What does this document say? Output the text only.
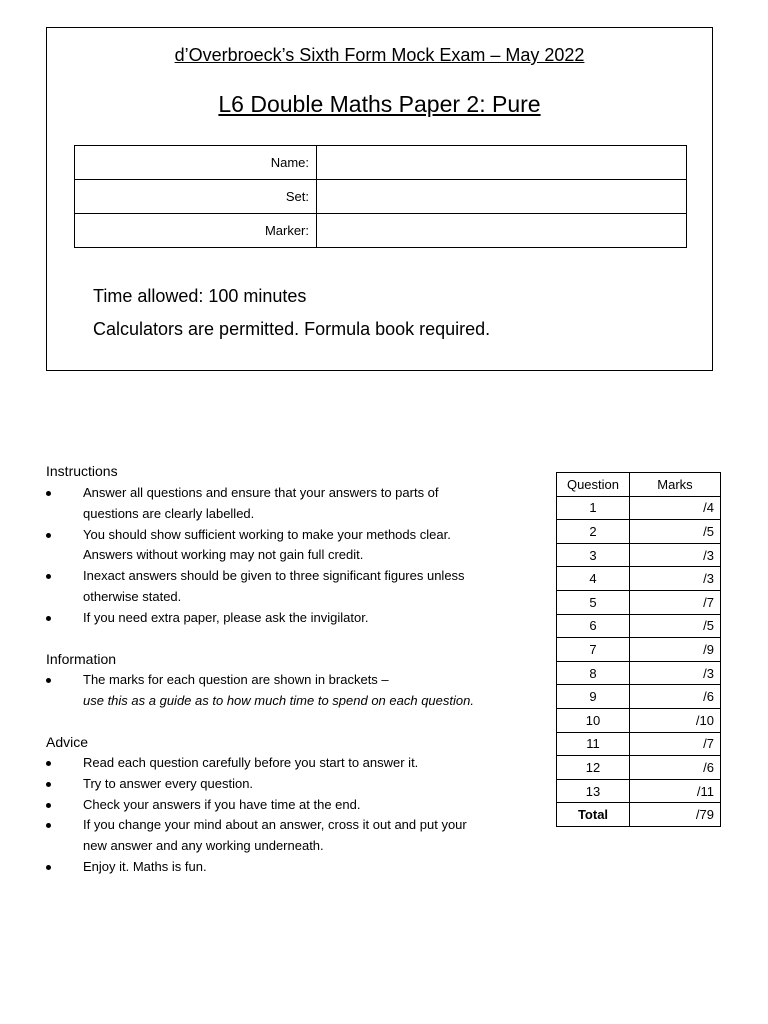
d’Overbroeck’s Sixth Form Mock Exam – May 2022
L6 Double Maths Paper 2: Pure
Name:	
Set:	
Marker:	
Time allowed: 100 minutes
Calculators are permitted. Formula book required.
Instructions
Answer all questions and ensure that your answers to parts of
questions are clearly labelled.
You should show sufficient working to make your methods clear.
Answers without working may not gain full credit.
Inexact answers should be given to three significant figures unless
otherwise stated.
If you need extra paper, please ask the invigilator.
Information
The marks for each question are shown in brackets –
use this as a guide as to how much time to spend on each question.
Advice
Read each question carefully before you start to answer it.
Try to answer every question.
Check your answers if you have time at the end.
If you change your mind about an answer, cross it out and put your
new answer and any working underneath.
Enjoy it. Maths is fun.
Question	Marks
1	/4
2	/5
3	/3
4	/3
5	/7
6	/5
7	/9
8	/3
9	/6
10	/10
11	/7
12	/6
13	/11
Total	/79
